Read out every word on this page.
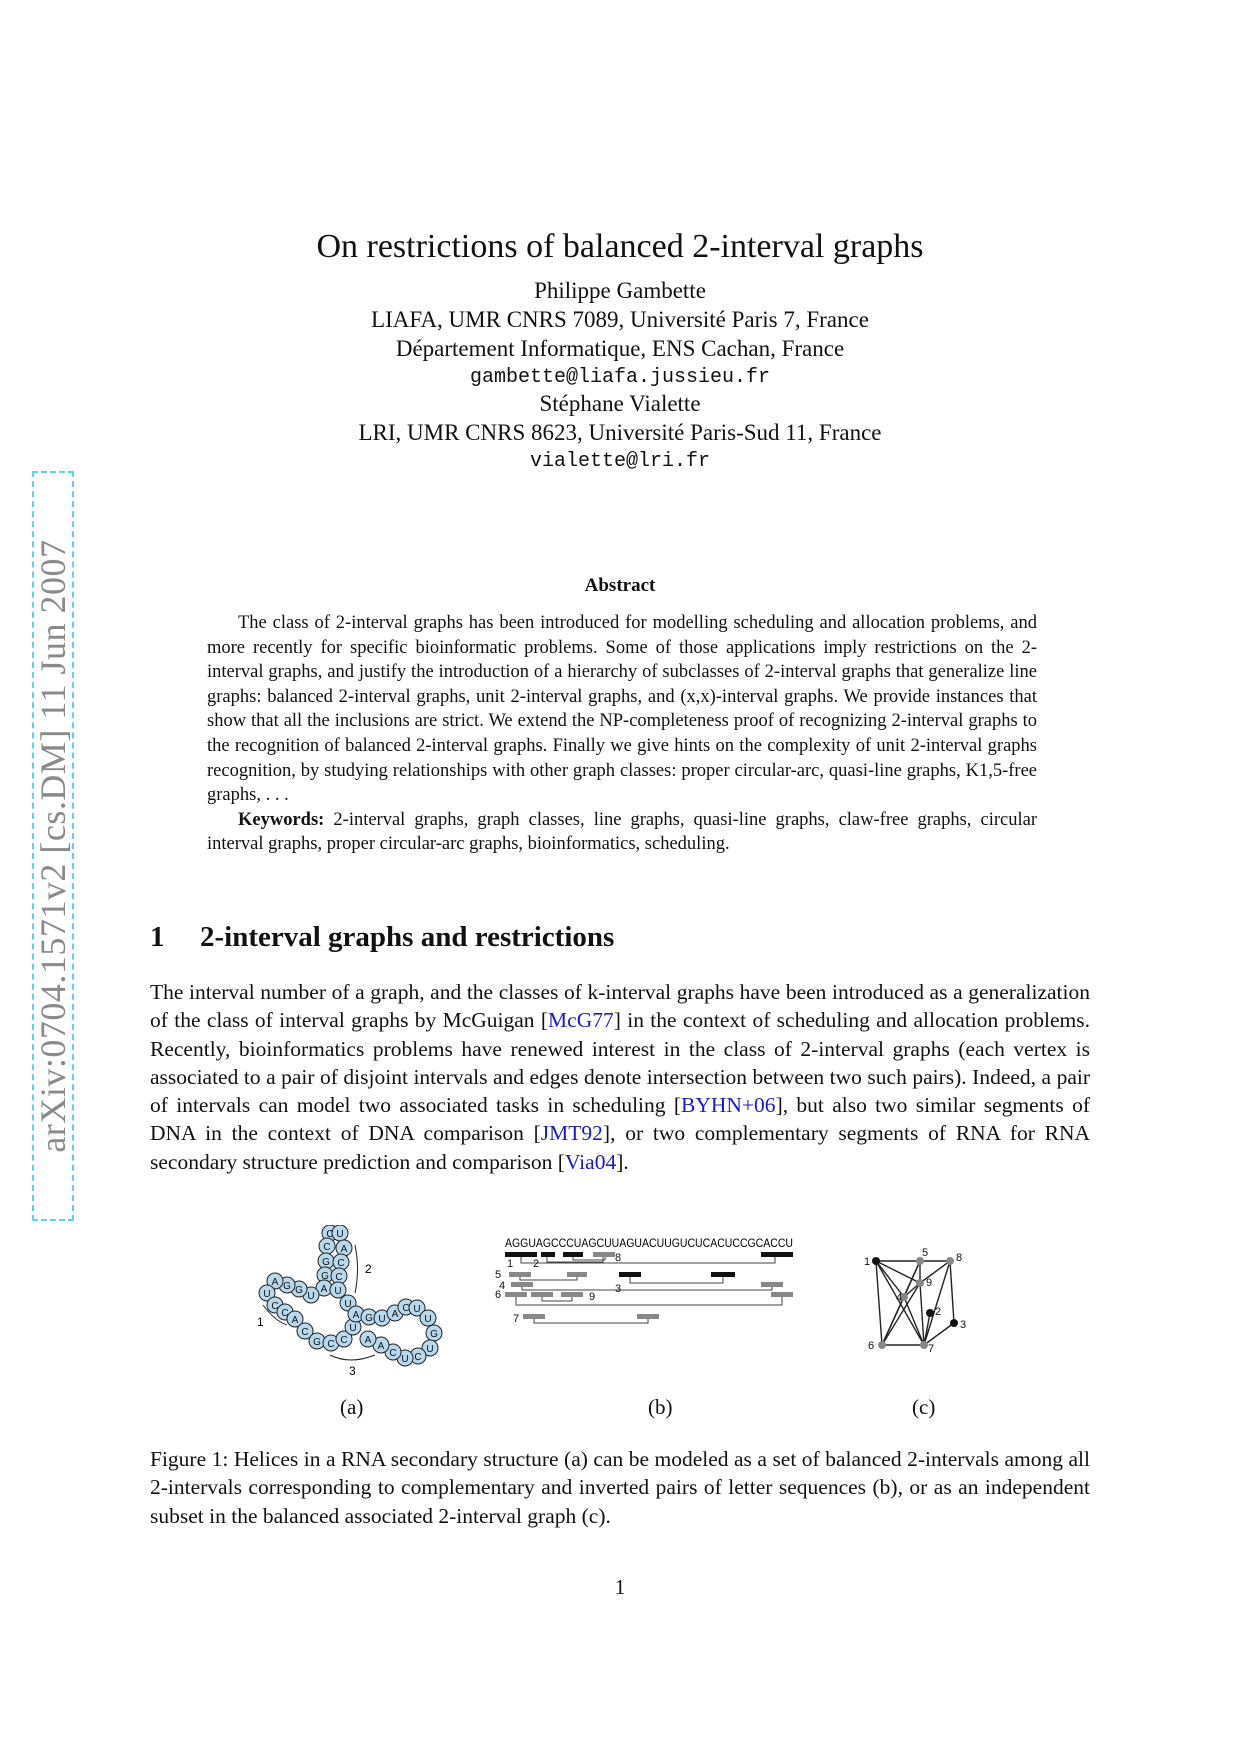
arXiv:0704.1571v2 [cs.DM] 11 Jun 2007
On restrictions of balanced 2-interval graphs
Philippe Gambette
LIAFA, UMR CNRS 7089, Université Paris 7, France
Département Informatique, ENS Cachan, France
gambette@liafa.jussieu.fr
Stéphane Vialette
LRI, UMR CNRS 8623, Université Paris-Sud 11, France
vialette@lri.fr
Abstract

The class of 2-interval graphs has been introduced for modelling scheduling and allocation problems, and more recently for specific bioinformatic problems. Some of those applications imply restrictions on the 2-interval graphs, and justify the introduction of a hierarchy of subclasses of 2-interval graphs that generalize line graphs: balanced 2-interval graphs, unit 2-interval graphs, and (x,x)-interval graphs. We provide instances that show that all the inclusions are strict. We extend the NP-completeness proof of recognizing 2-interval graphs to the recognition of balanced 2-interval graphs. Finally we give hints on the complexity of unit 2-interval graphs recognition, by studying relationships with other graph classes: proper circular-arc, quasi-line graphs, K1,5-free graphs, . . .

Keywords: 2-interval graphs, graph classes, line graphs, quasi-line graphs, claw-free graphs, circular interval graphs, proper circular-arc graphs, bioinformatics, scheduling.

1 2-interval graphs and restrictions

The interval number of a graph, and the classes of k-interval graphs have been introduced as a generalization of the class of interval graphs by McGuigan [McG77] in the context of scheduling and allocation problems. Recently, bioinformatics problems have renewed interest in the class of 2-interval graphs (each vertex is associated to a pair of disjoint intervals and edges denote intersection between two such pairs). Indeed, a pair of intervals can model two associated tasks in scheduling [BYHN+06], but also two similar segments of DNA in the context of DNA comparison [JMT92], or two complementary segments of RNA for RNA secondary structure prediction and comparison [Via04].

C U
C A
G C
G C
A U
U
U
G
G
A
U
C
C
A
C
G C C
U
A G U A
C U
U
G
U
C
U
C
A
A
2
1
3
AGGUAGCCCUAGCUUAGUACUUGUCUCACUCCGCACCU
1 2
3
4
5
6
7
8
9
1
2
3
4
5
6	7
8
9
(a)	(b)	(c)
Figure 1: Helices in a RNA secondary structure (a) can be modeled as a set of balanced 2-intervals among all 2-intervals corresponding to complementary and inverted pairs of letter sequences (b), or as an independent subset in the balanced associated 2-interval graph (c).
1
